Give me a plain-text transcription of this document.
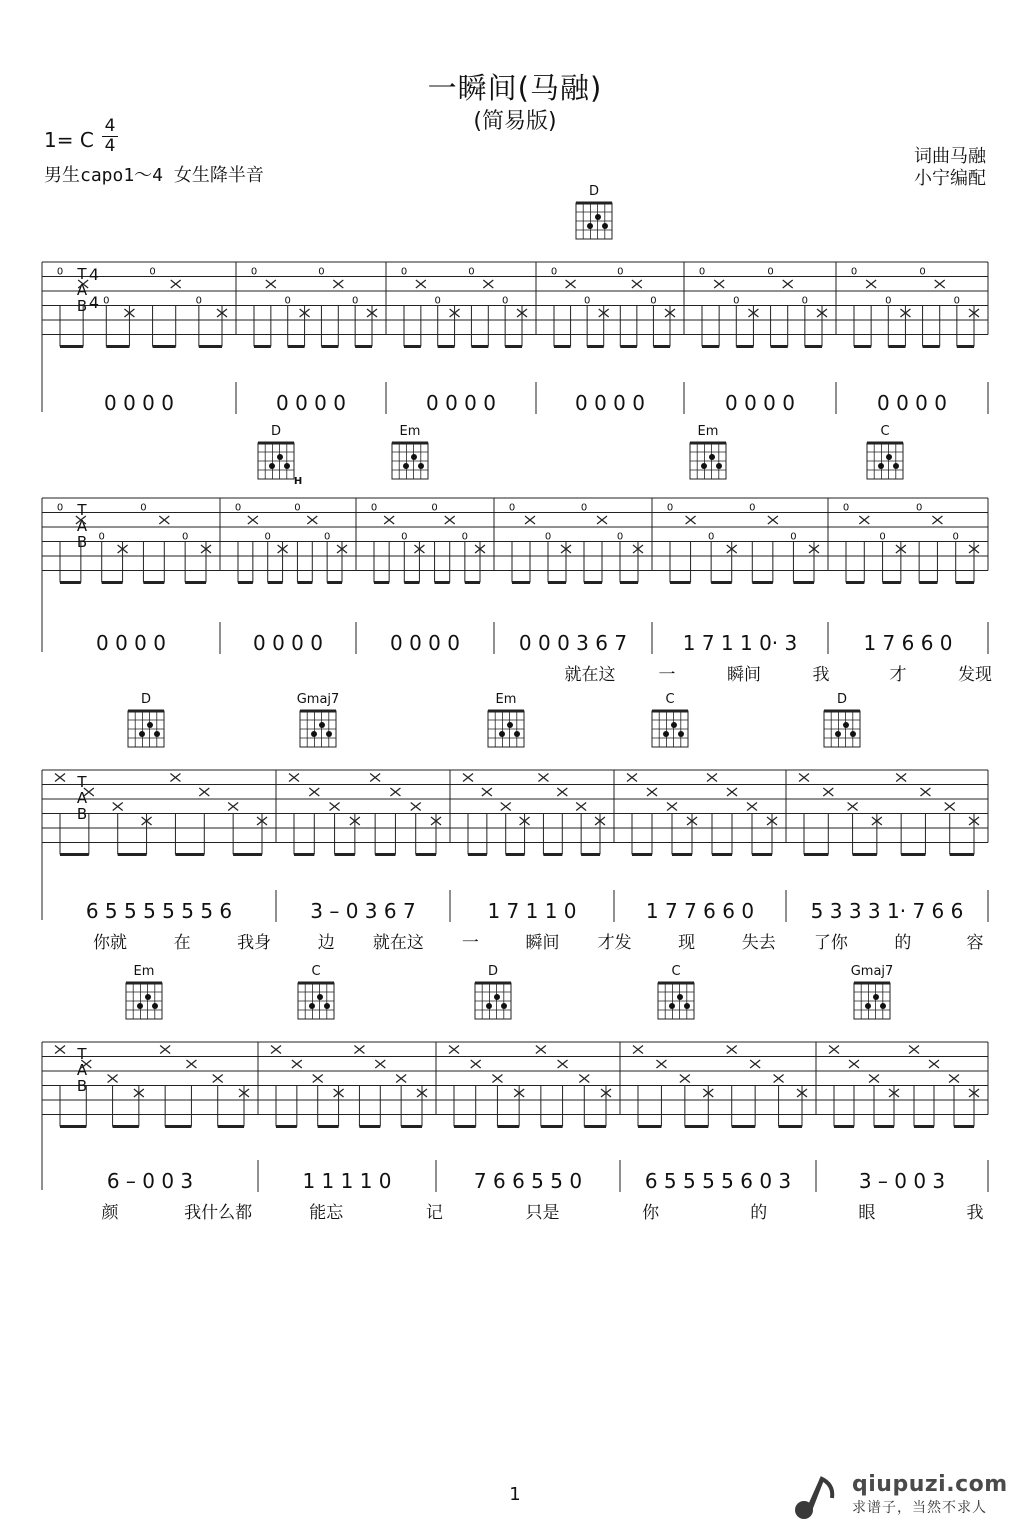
一瞬间(马融)
(简易版)
1= C
4
4
男生capo1～4 女生降半音
词曲马融
小宁编配
T
A
B
4
4
0
0
0
0
0
0
0
0
0
0
0
0
0
0
0
0
0
0
0
0
0
0
0
0
D
0 0 0 0	0 0 0 0	0 0 0 0	0 0 0 0	0 0 0 0	0 0 0 0
T
A
B
0
0
0
0
0
0
0
0
0
0
0
0
0
0
0
0
0
0
0
0
0
0
0
0
H
D	Em	Em	C
0 0 0 0	0 0 0 0	0 0 0 0	0 0 0 3 6 7	1 7 1 1 0· 3	1 7 6 6 0
就在这	一	瞬间	我	才	发现
T
A
B
D	Gmaj7	Em	C	D
6 5 5 5 5 5 5 6	3 – 0 3 6 7	1 7 1 1 0	1 7 7 6 6 0	5 3 3 3 1· 7 6 6
你就	在	我身	边 就在这 一	瞬间 才发	现	失去 了你	的	容
T
A
B
Em	C	D	C	Gmaj7
6 – 0 0 3	1 1 1 1 0	7 6 6 5 5 0	6 5 5 5 5 6 0 3	3 – 0 0 3
颜	我什么都	能忘	记	只是	你	的	眼	我
1	qiupuzi.com
求谱子，当然不求人
